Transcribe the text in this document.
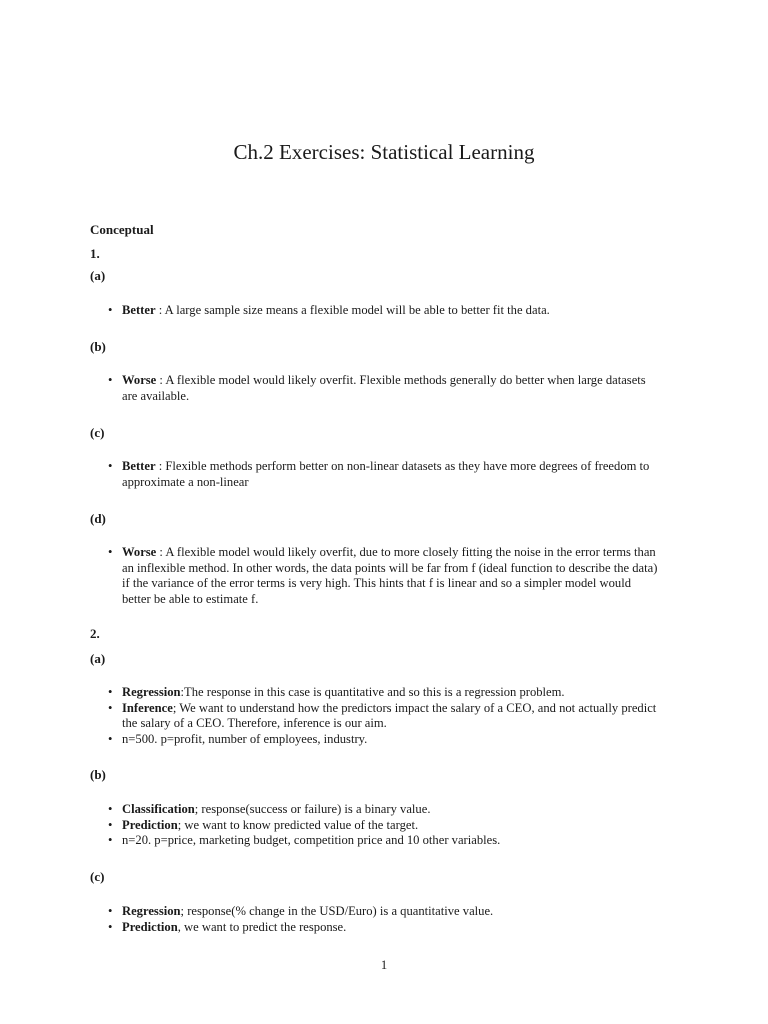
Ch.2 Exercises: Statistical Learning
Conceptual
1.
(a)
• Better : A large sample size means a flexible model will be able to better fit the data.
(b)
• Worse : A flexible model would likely overfit. Flexible methods generally do better when large datasets are available.
(c)
• Better : Flexible methods perform better on non-linear datasets as they have more degrees of freedom to approximate a non-linear
(d)
• Worse : A flexible model would likely overfit, due to more closely fitting the noise in the error terms than an inflexible method. In other words, the data points will be far from f (ideal function to describe the data) if the variance of the error terms is very high. This hints that f is linear and so a simpler model would better be able to estimate f.
2.
(a)
• Regression:The response in this case is quantitative and so this is a regression problem.
• Inference; We want to understand how the predictors impact the salary of a CEO, and not actually predict the salary of a CEO. Therefore, inference is our aim.
• n=500. p=profit, number of employees, industry.
(b)
• Classification; response(success or failure) is a binary value.
• Prediction; we want to know predicted value of the target.
• n=20. p=price, marketing budget, competition price and 10 other variables.
(c)
• Regression; response(% change in the USD/Euro) is a quantitative value.
• Prediction, we want to predict the response.
1
